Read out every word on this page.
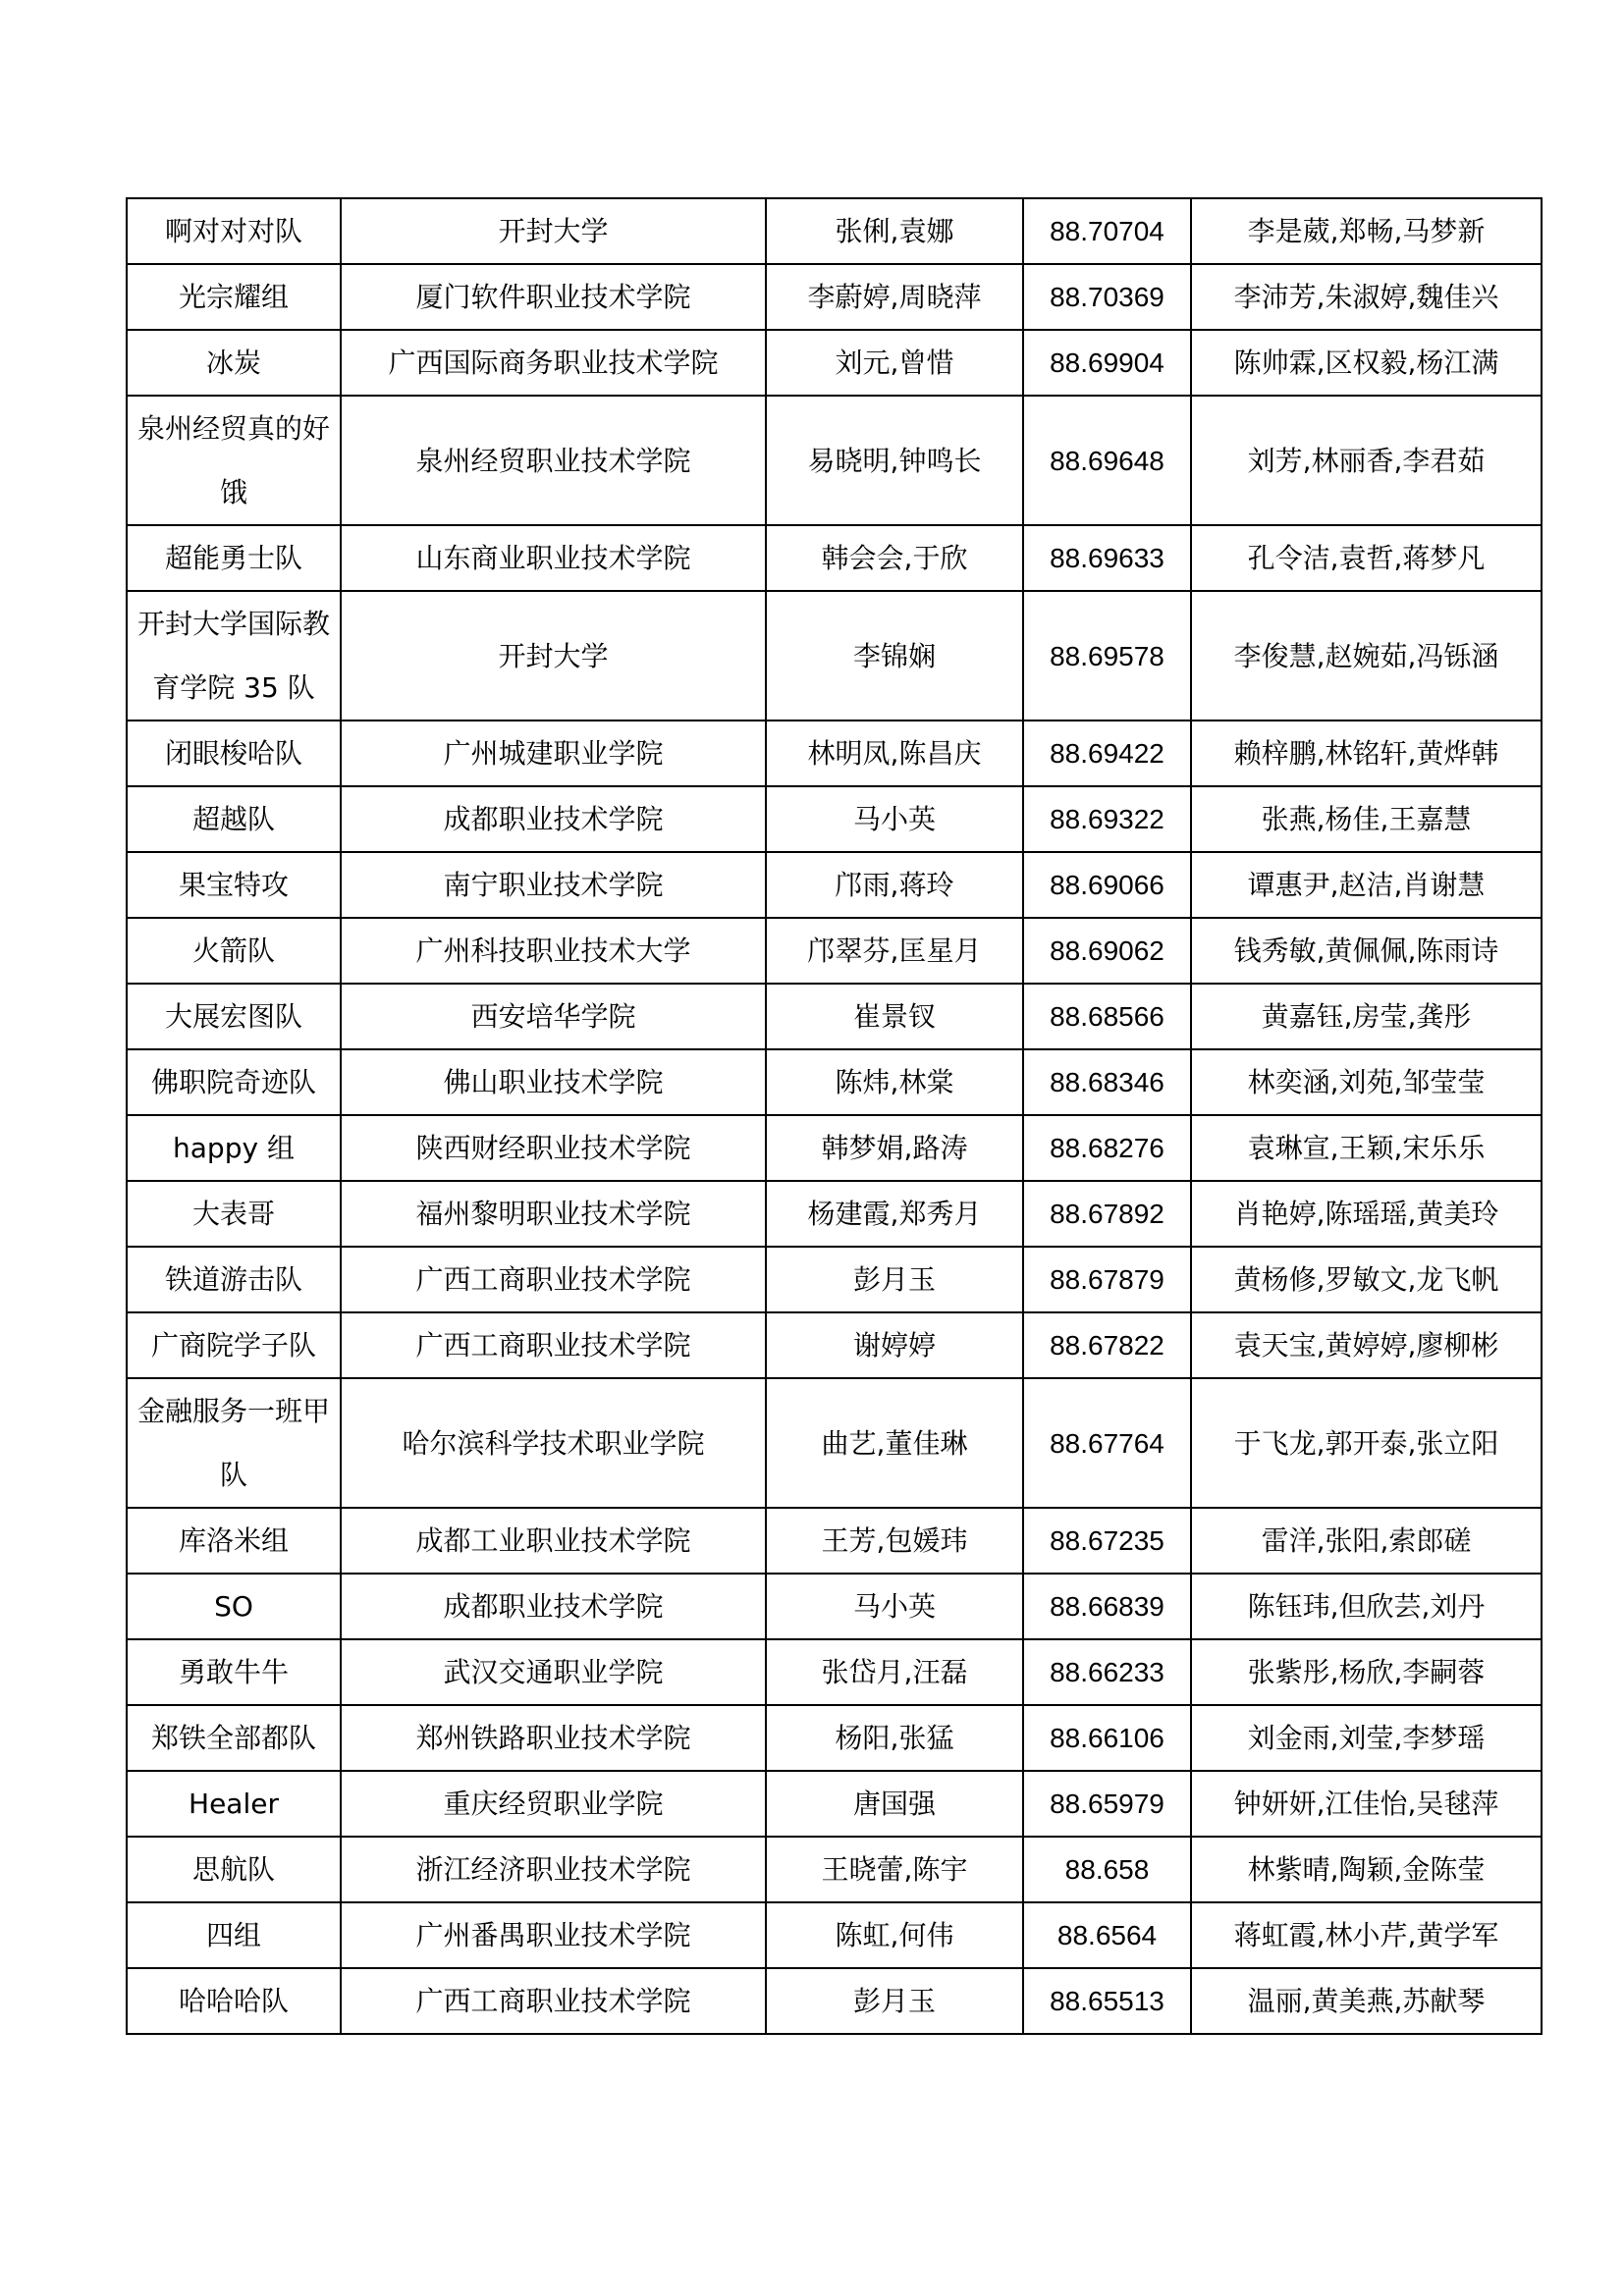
啊对对对队	开封大学	张俐,袁娜	88.70704	李是葳,郑畅,马梦新
光宗耀组	厦门软件职业技术学院	李蔚婷,周晓萍	88.70369	李沛芳,朱淑婷,魏佳兴
冰炭	广西国际商务职业技术学院	刘元,曾惜	88.69904	陈帅霖,区权毅,杨江满
泉州经贸真的好饿	泉州经贸职业技术学院	易晓明,钟鸣长	88.69648	刘芳,林丽香,李君茹
超能勇士队	山东商业职业技术学院	韩会会,于欣	88.69633	孔令洁,袁哲,蒋梦凡
开封大学国际教育学院 35 队	开封大学	李锦娴	88.69578	李俊慧,赵婉茹,冯铄涵
闭眼梭哈队	广州城建职业学院	林明凤,陈昌庆	88.69422	赖梓鹏,林铭轩,黄烨韩
超越队	成都职业技术学院	马小英	88.69322	张燕,杨佳,王嘉慧
果宝特攻	南宁职业技术学院	邝雨,蒋玲	88.69066	谭惠尹,赵洁,肖谢慧
火箭队	广州科技职业技术大学	邝翠芬,匡星月	88.69062	钱秀敏,黄佩佩,陈雨诗
大展宏图队	西安培华学院	崔景钗	88.68566	黄嘉钰,房莹,龚彤
佛职院奇迹队	佛山职业技术学院	陈炜,林棠	88.68346	林奕涵,刘苑,邹莹莹
happy 组	陕西财经职业技术学院	韩梦娟,路涛	88.68276	袁琳宣,王颖,宋乐乐
大表哥	福州黎明职业技术学院	杨建霞,郑秀月	88.67892	肖艳婷,陈瑶瑶,黄美玲
铁道游击队	广西工商职业技术学院	彭月玉	88.67879	黄杨修,罗敏文,龙飞帆
广商院学子队	广西工商职业技术学院	谢婷婷	88.67822	袁天宝,黄婷婷,廖柳彬
金融服务一班甲队	哈尔滨科学技术职业学院	曲艺,董佳琳	88.67764	于飞龙,郭开泰,张立阳
库洛米组	成都工业职业技术学院	王芳,包媛玮	88.67235	雷洋,张阳,索郎磋
SO	成都职业技术学院	马小英	88.66839	陈钰玮,但欣芸,刘丹
勇敢牛牛	武汉交通职业学院	张岱月,汪磊	88.66233	张紫彤,杨欣,李嗣蓉
郑铁全部都队	郑州铁路职业技术学院	杨阳,张猛	88.66106	刘金雨,刘莹,李梦瑶
Healer	重庆经贸职业学院	唐国强	88.65979	钟妍妍,江佳怡,吴毬萍
思航队	浙江经济职业技术学院	王晓蕾,陈宇	88.658	林紫晴,陶颖,金陈莹
四组	广州番禺职业技术学院	陈虹,何伟	88.6564	蒋虹霞,林小芹,黄学军
哈哈哈队	广西工商职业技术学院	彭月玉	88.65513	温丽,黄美燕,苏献琴
